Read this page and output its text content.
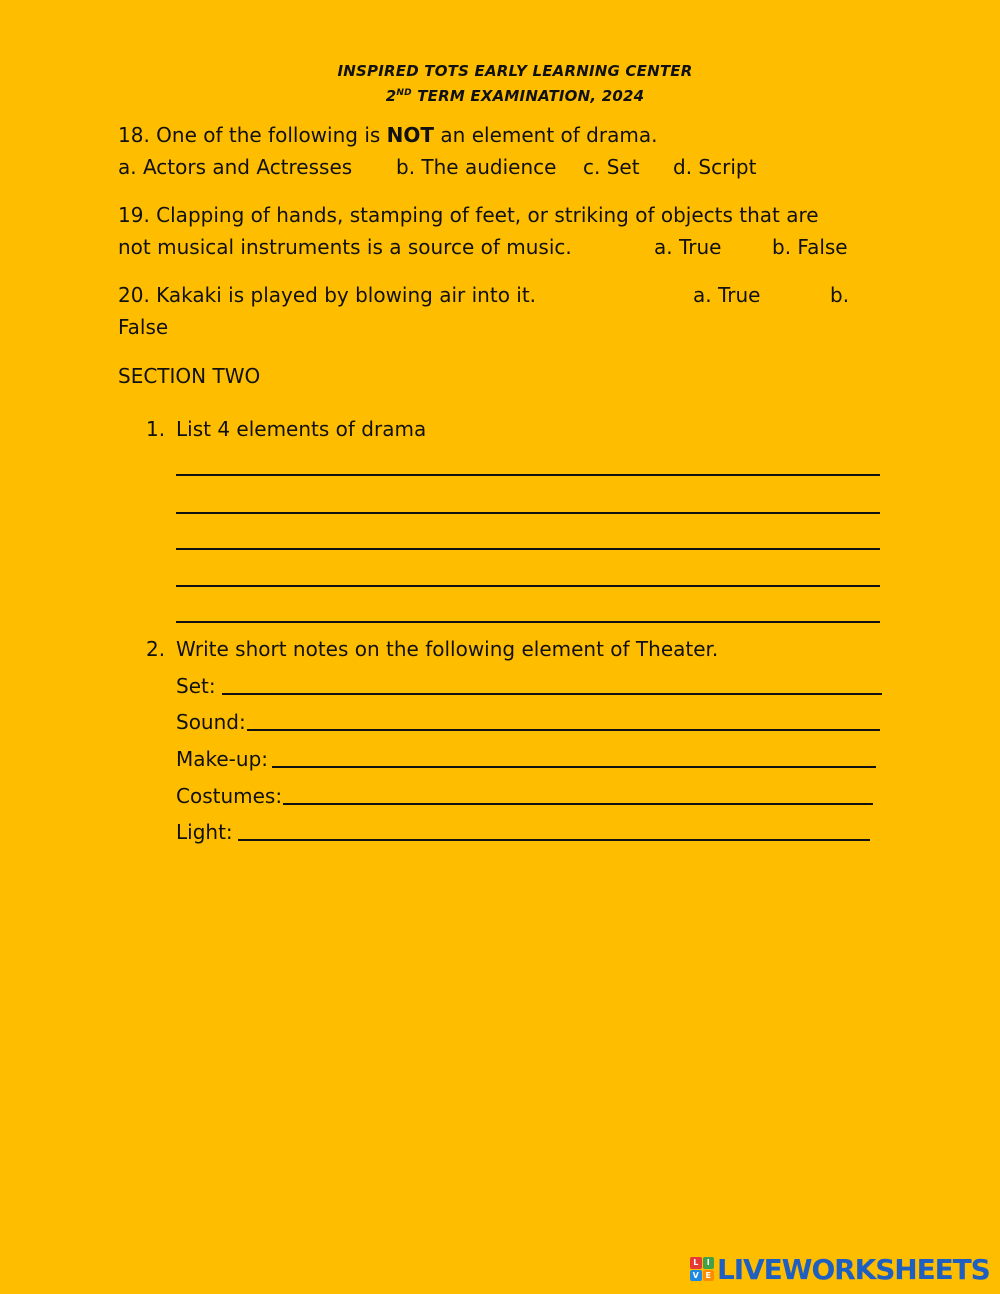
INSPIRED TOTS EARLY LEARNING CENTER
2ND TERM EXAMINATION, 2024
18. One of the following is NOT an element of drama.
a. Actors and Actresses b. The audience c. Set d. Script
19. Clapping of hands, stamping of feet, or striking of objects that are
not musical instruments is a source of music.	a. True	b. False
20. Kakaki is played by blowing air into it.	a. True	b.
False
SECTION TWO
1. List 4 elements of drama
2. Write short notes on the following element of Theater.
Set:
Sound:
Make-up:
Costumes:
Light:
L	I
V E LIVEWORKSHEETS
